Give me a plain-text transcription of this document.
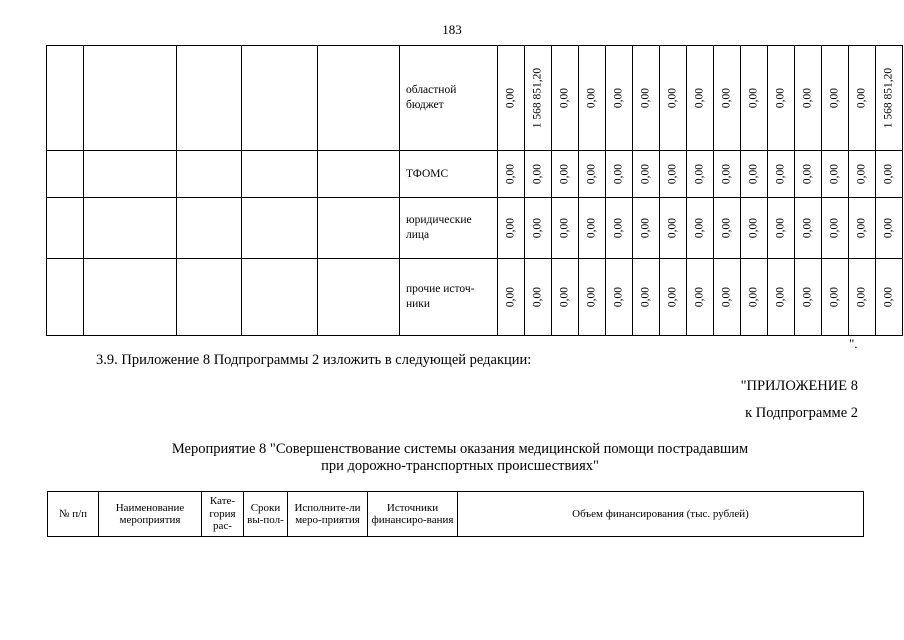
183
					областной бюджет	0,00	1 568 851,20	0,00	0,00	0,00	0,00	0,00	0,00	0,00	0,00	0,00	0,00	0,00	0,00	1 568 851,20

					ТФОМС	0,00	0,00	0,00	0,00	0,00	0,00	0,00	0,00	0,00	0,00	0,00	0,00	0,00	0,00	0,00

					юридические лица	0,00	0,00	0,00	0,00	0,00	0,00	0,00	0,00	0,00	0,00	0,00	0,00	0,00	0,00	0,00

					прочие источ-ники	0,00	0,00	0,00	0,00	0,00	0,00	0,00	0,00	0,00	0,00	0,00	0,00	0,00	0,00	0,00
".
3.9. Приложение 8 Подпрограммы 2 изложить в следующей редакции:
"ПРИЛОЖЕНИЕ 8
к Подпрограмме 2
Мероприятие 8 "Совершенствование системы оказания медицинской помощи пострадавшим
при дорожно-транспортных происшествиях"
№ п/п	Наименование мероприятия	Кате-гория рас-	Сроки вы-пол-	Исполните-ли меро-приятия	Источники финансиро-вания	Объем финансирования (тыс. рублей)
